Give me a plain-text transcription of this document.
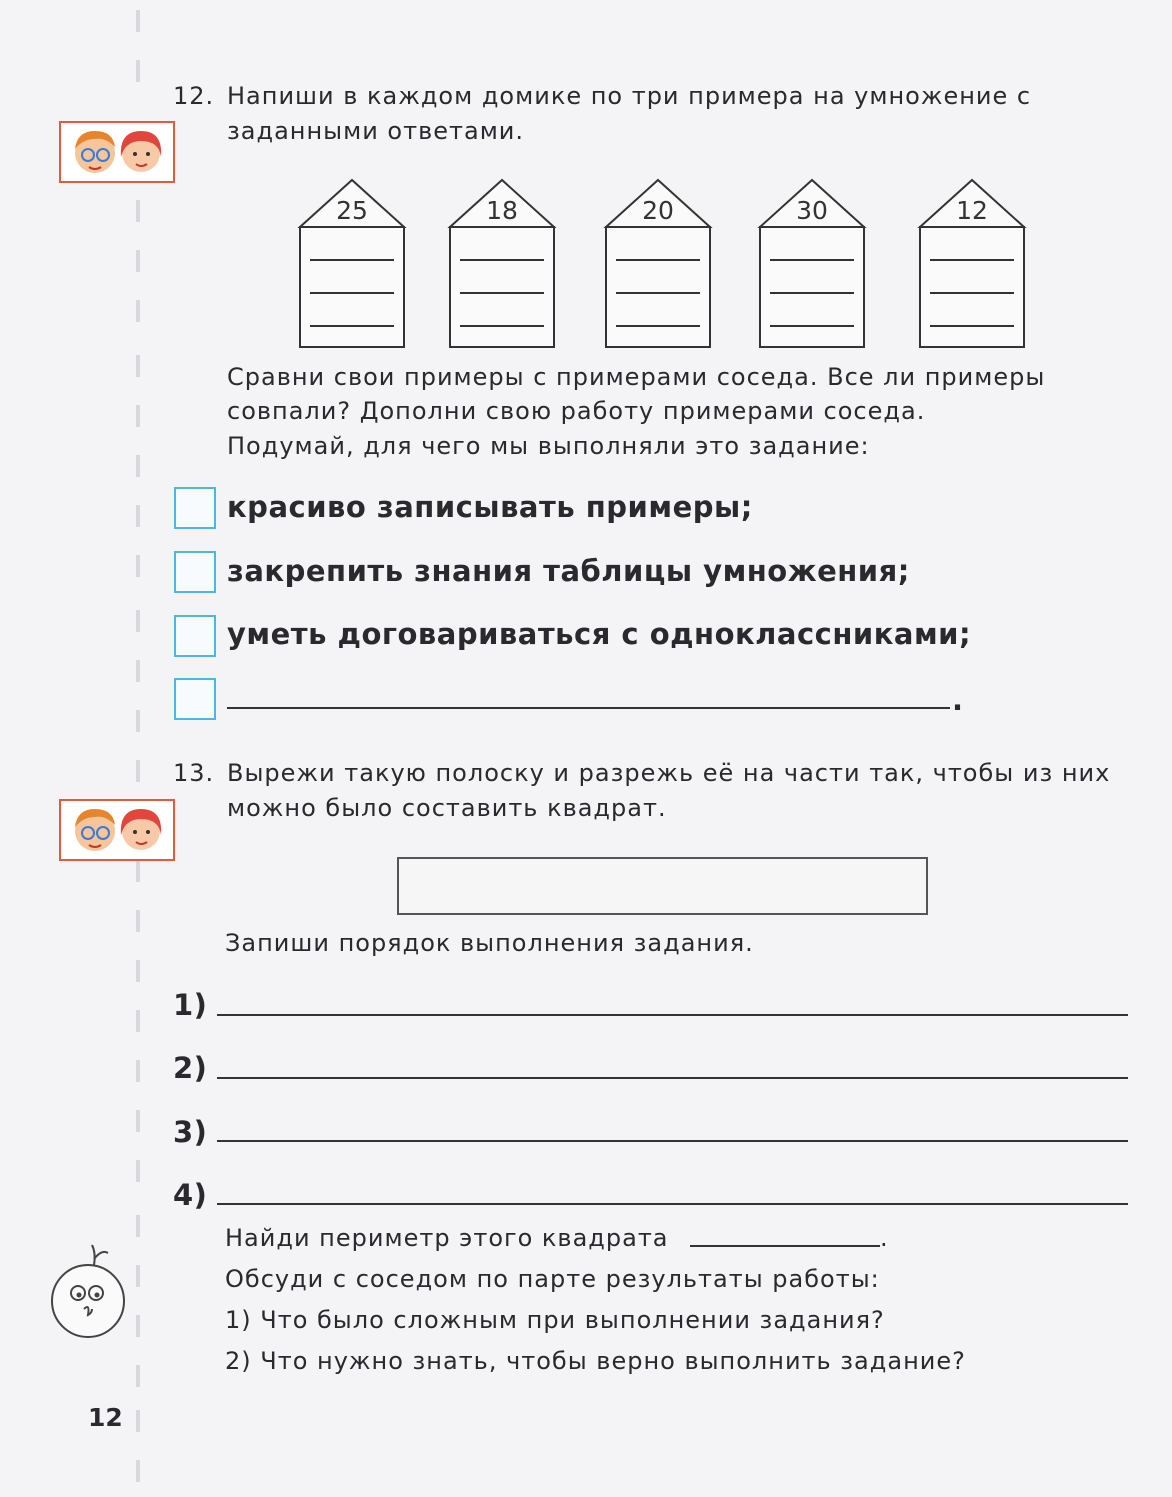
12. Напиши в каждом домике по три примера на умножение с
заданными ответами.
25	18	20	30	12
Сравни свои примеры с примерами соседа. Все ли примеры
совпали? Дополни свою работу примерами соседа.
Подумай, для чего мы выполняли это задание:
красиво записывать примеры;
закрепить знания таблицы умножения;
уметь договариваться с одноклассниками;
.
13. Вырежи такую полоску и разрежь её на части так, чтобы из них
можно было составить квадрат.
Запиши порядок выполнения задания.
1)
2)
3)
4)
Найди периметр этого квадрата	.
Обсуди с соседом по парте результаты работы:
1) Что было сложным при выполнении задания?
2) Что нужно знать, чтобы верно выполнить задание?
12
